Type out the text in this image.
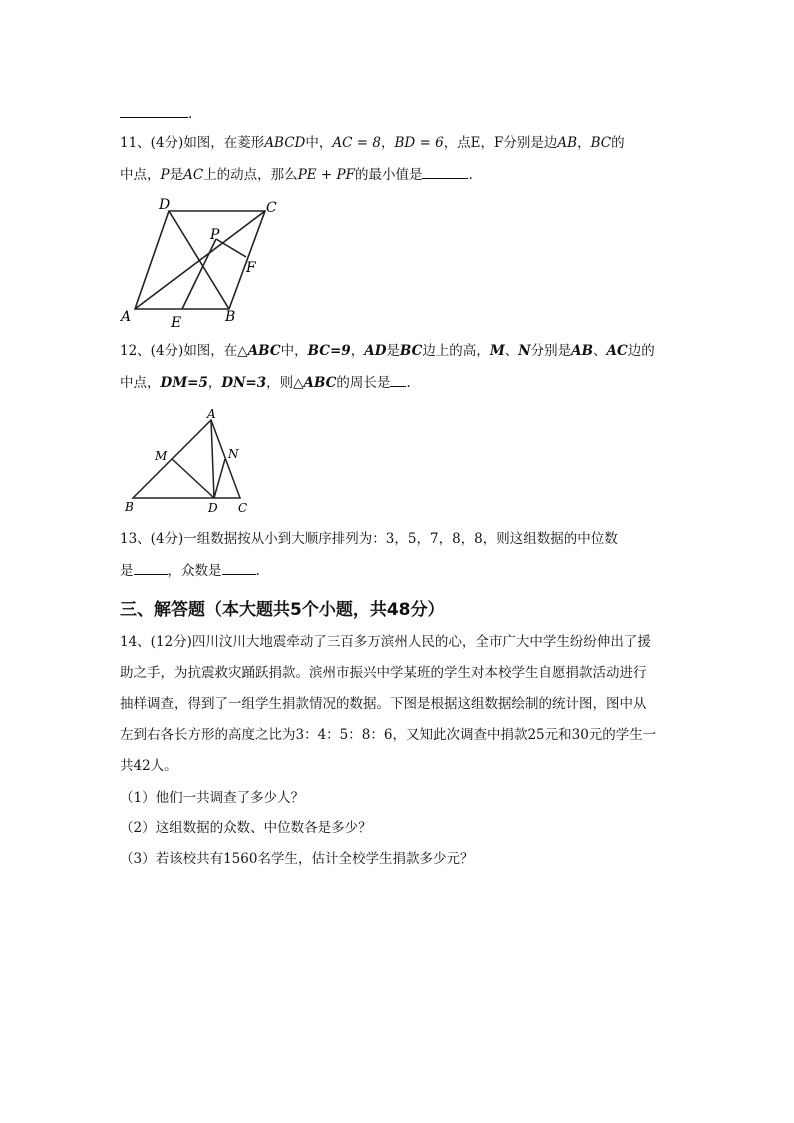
.
11、(4分)如图，在菱形ABCD中，AC = 8，BD = 6，点E，F分别是边AB，BC的
中点，P是AC上的动点，那么PE + PF的最小值是	.
D	C
P
F
A	E	B
12、(4分)如图，在△ABC中，BC=9，AD是BC边上的高，M、N分别是AB、AC边的
中点，DM=5，DN=3，则△ABC的周长是 .
A
M	N
B	D C
13、(4分)一组数据按从小到大顺序排列为：3，5，7，8，8，则这组数据的中位数
是	，众数是	.
三、解答题（本大题共5个小题，共48分）
14、(12分)四川汶川大地震牵动了三百多万滨州人民的心，全市广大中学生纷纷伸出了援
助之手，为抗震救灾踊跃捐款。滨州市振兴中学某班的学生对本校学生自愿捐款活动进行
抽样调查，得到了一组学生捐款情况的数据。下图是根据这组数据绘制的统计图，图中从
左到右各长方形的高度之比为3：4：5：8：6，又知此次调查中捐款25元和30元的学生一
共42人。
（1）他们一共调查了多少人？
（2）这组数据的众数、中位数各是多少？
（3）若该校共有1560名学生，估计全校学生捐款多少元？
